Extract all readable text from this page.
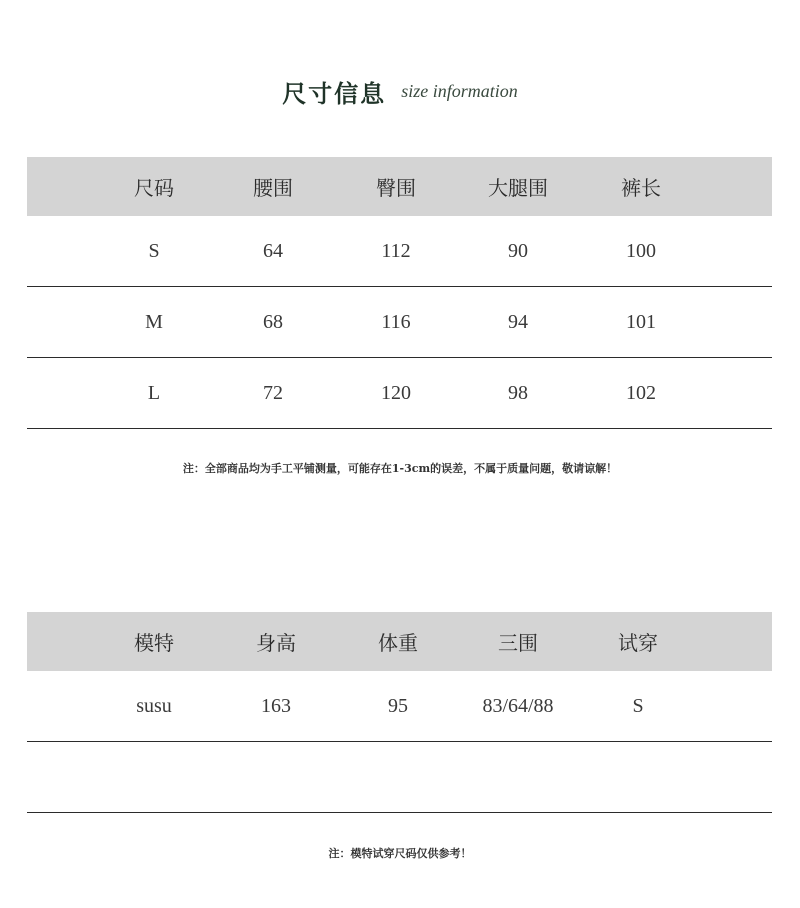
尺寸信息 size information
尺码	腰围	臀围	大腿围	裤长
S	64	112	90	100
M	68	116	94	101
L	72	120	98	102
注：全部商品均为手工平铺测量，可能存在1-3cm的误差，不属于质量问题，敬请谅解！
模特	身高	体重	三围	试穿
susu	163	95	83/64/88	S
注：模特试穿尺码仅供参考！
